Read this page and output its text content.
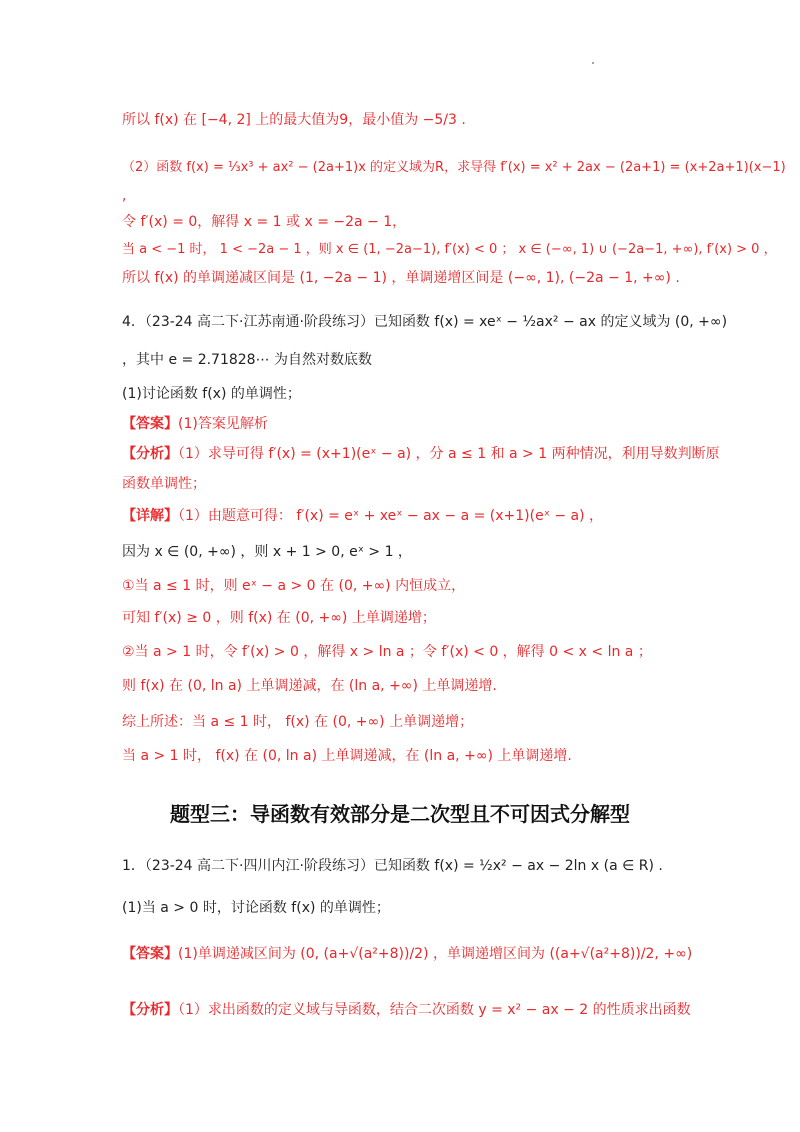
所以 f(x) 在 [−4, 2] 上的最大值为9，最小值为 −5/3 .
（2）函数 f(x) = ⅓x³ + ax² − (2a+1)x 的定义域为R，求导得 f′(x) = x² + 2ax − (2a+1) = (x+2a+1)(x−1)
,
令 f′(x) = 0，解得 x = 1 或 x = −2a − 1，
当 a < −1 时， 1 < −2a − 1 ，则 x ∈ (1, −2a−1), f′(x) < 0 ； x ∈ (−∞, 1) ∪ (−2a−1, +∞), f′(x) > 0 ，
所以 f(x) 的单调递减区间是 (1, −2a − 1) ，单调递增区间是 (−∞, 1), (−2a − 1, +∞) .
4．（23-24 高二下·江苏南通·阶段练习）已知函数 f(x) = xeˣ − ½ax² − ax 的定义域为 (0, +∞)
，其中 e = 2.71828⋯ 为自然对数底数
(1)讨论函数 f(x) 的单调性；
【答案】(1)答案见解析
【分析】（1）求导可得 f′(x) = (x+1)(eˣ − a) ，分 a ≤ 1 和 a > 1 两种情况，利用导数判断原
函数单调性；
【详解】（1）由题意可得： f′(x) = eˣ + xeˣ − ax − a = (x+1)(eˣ − a) ，
因为 x ∈ (0, +∞) ，则 x + 1 > 0, eˣ > 1 ，
①当 a ≤ 1 时，则 eˣ − a > 0 在 (0, +∞) 内恒成立，
可知 f′(x) ≥ 0 ，则 f(x) 在 (0, +∞) 上单调递增；
②当 a > 1 时，令 f′(x) > 0 ，解得 x > ln a ；令 f′(x) < 0 ，解得 0 < x < ln a ；
则 f(x) 在 (0, ln a) 上单调递减，在 (ln a, +∞) 上单调递增.
综上所述：当 a ≤ 1 时， f(x) 在 (0, +∞) 上单调递增；
当 a > 1 时， f(x) 在 (0, ln a) 上单调递减，在 (ln a, +∞) 上单调递增.
题型三：导函数有效部分是二次型且不可因式分解型
1．（23-24 高二下·四川内江·阶段练习）已知函数 f(x) = ½x² − ax − 2ln x (a ∈ R) .
(1)当 a > 0 时，讨论函数 f(x) 的单调性；
【答案】(1)单调递减区间为 (0, (a+√(a²+8))/2) ，单调递增区间为 ((a+√(a²+8))/2, +∞)
【分析】（1）求出函数的定义域与导函数，结合二次函数 y = x² − ax − 2 的性质求出函数
